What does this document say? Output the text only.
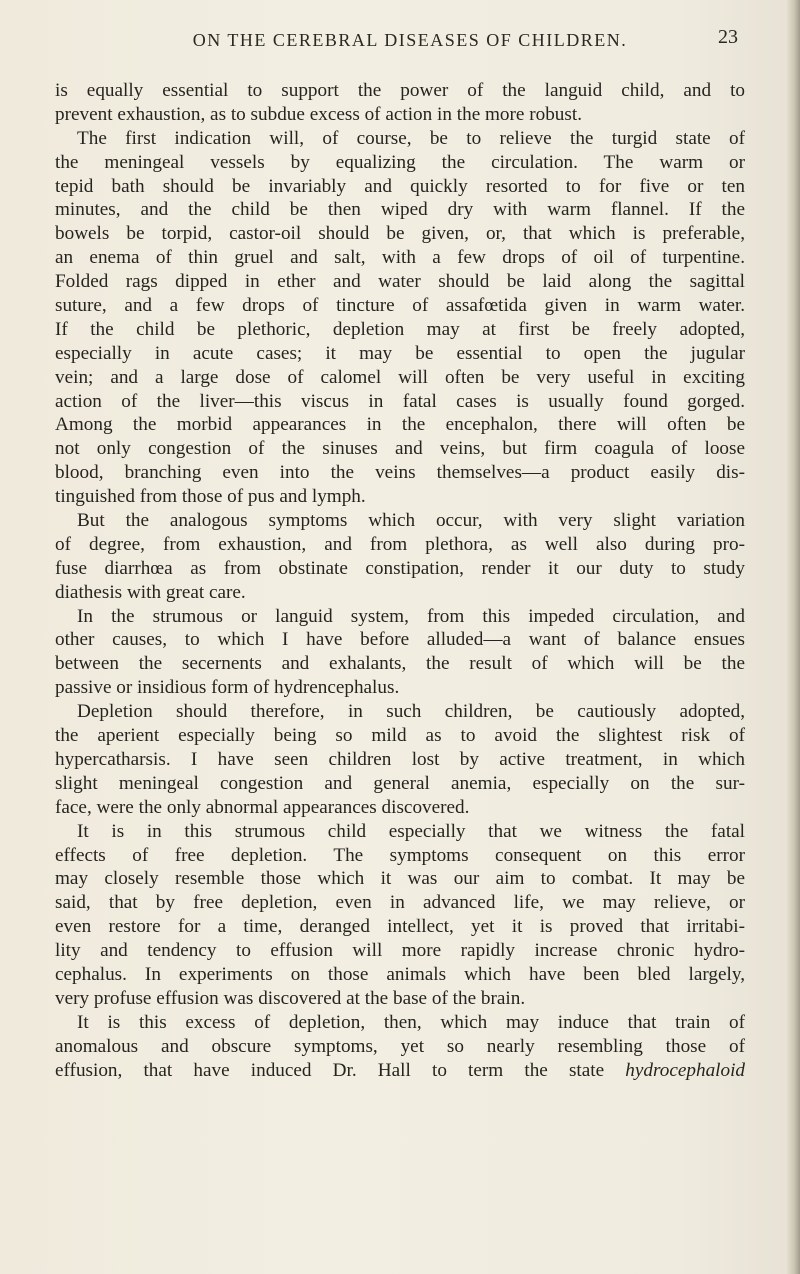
ON THE CEREBRAL DISEASES OF CHILDREN.	23
is equally essential to support the power of the languid child, and to
prevent exhaustion, as to subdue excess of action in the more robust.
The first indication will, of course, be to relieve the turgid state of
the meningeal vessels by equalizing the circulation. The warm or
tepid bath should be invariably and quickly resorted to for five or ten
minutes, and the child be then wiped dry with warm flannel. If the
bowels be torpid, castor-oil should be given, or, that which is preferable,
an enema of thin gruel and salt, with a few drops of oil of turpentine.
Folded rags dipped in ether and water should be laid along the sagittal
suture, and a few drops of tincture of assafœtida given in warm water.
If the child be plethoric, depletion may at first be freely adopted,
especially in acute cases; it may be essential to open the jugular
vein; and a large dose of calomel will often be very useful in exciting
action of the liver—this viscus in fatal cases is usually found gorged.
Among the morbid appearances in the encephalon, there will often be
not only congestion of the sinuses and veins, but firm coagula of loose
blood, branching even into the veins themselves—a product easily dis-
tinguished from those of pus and lymph.
But the analogous symptoms which occur, with very slight variation
of degree, from exhaustion, and from plethora, as well also during pro-
fuse diarrhœa as from obstinate constipation, render it our duty to study
diathesis with great care.
In the strumous or languid system, from this impeded circulation, and
other causes, to which I have before alluded—a want of balance ensues
between the secernents and exhalants, the result of which will be the
passive or insidious form of hydrencephalus.
Depletion should therefore, in such children, be cautiously adopted,
the aperient especially being so mild as to avoid the slightest risk of
hypercatharsis. I have seen children lost by active treatment, in which
slight meningeal congestion and general anemia, especially on the sur-
face, were the only abnormal appearances discovered.
It is in this strumous child especially that we witness the fatal
effects of free depletion. The symptoms consequent on this error
may closely resemble those which it was our aim to combat. It may be
said, that by free depletion, even in advanced life, we may relieve, or
even restore for a time, deranged intellect, yet it is proved that irritabi-
lity and tendency to effusion will more rapidly increase chronic hydro-
cephalus. In experiments on those animals which have been bled largely,
very profuse effusion was discovered at the base of the brain.
It is this excess of depletion, then, which may induce that train of
anomalous and obscure symptoms, yet so nearly resembling those of
effusion, that have induced Dr. Hall to term the state hydrocephaloid
